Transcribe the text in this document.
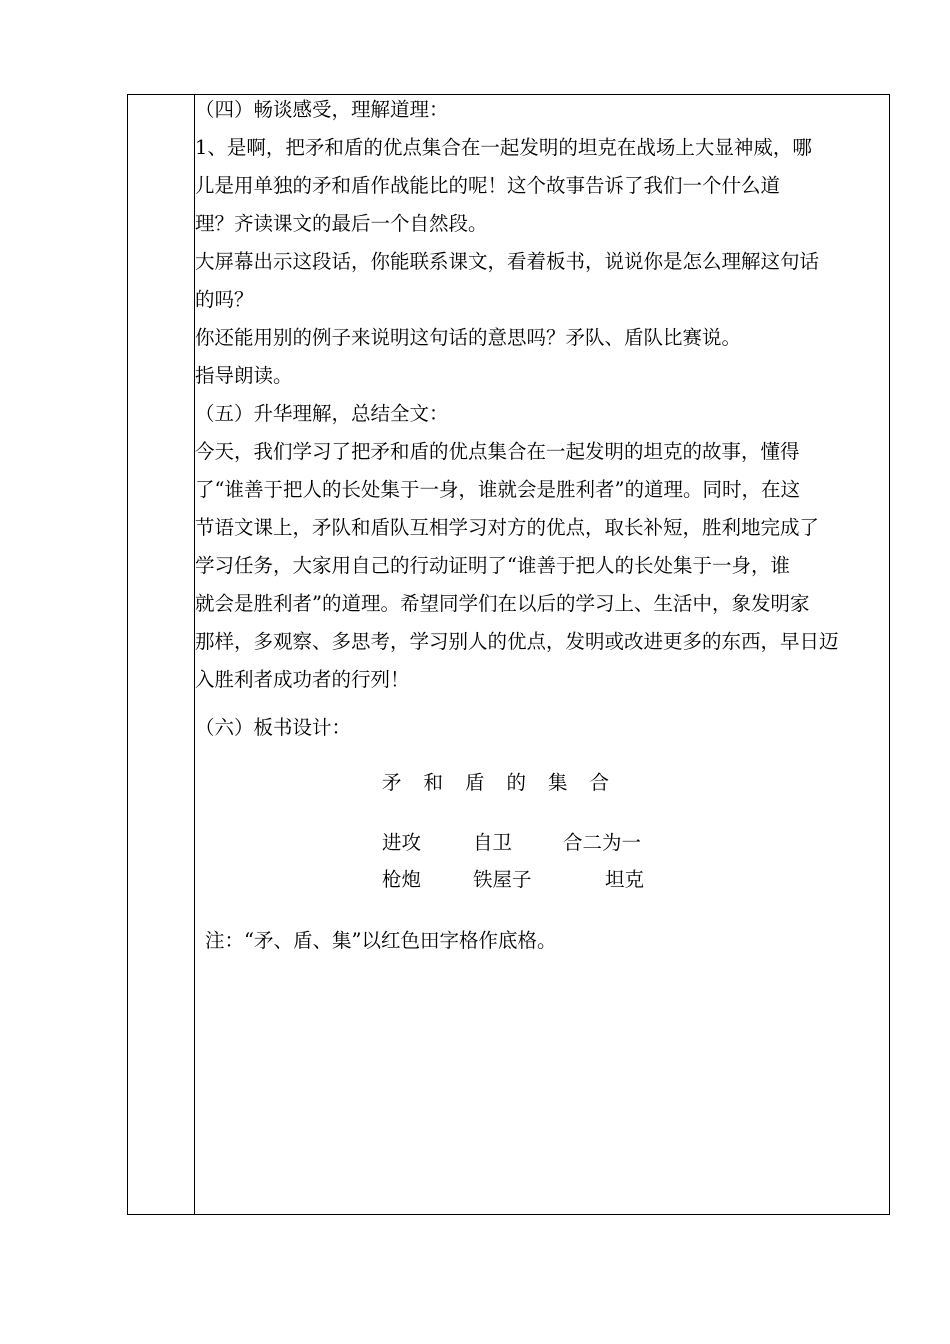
（四）畅谈感受，理解道理：

1、是啊，把矛和盾的优点集合在一起发明的坦克在战场上大显神威，哪

儿是用单独的矛和盾作战能比的呢！这个故事告诉了我们一个什么道

理？齐读课文的最后一个自然段。

大屏幕出示这段话，你能联系课文，看着板书，说说你是怎么理解这句话

的吗？

你还能用别的例子来说明这句话的意思吗？矛队、盾队比赛说。

指导朗读。

（五）升华理解，总结全文：

今天，我们学习了把矛和盾的优点集合在一起发明的坦克的故事，懂得

了“谁善于把人的长处集于一身，谁就会是胜利者”的道理。同时，在这

节语文课上，矛队和盾队互相学习对方的优点，取长补短，胜利地完成了

学习任务，大家用自己的行动证明了“谁善于把人的长处集于一身，谁

就会是胜利者”的道理。希望同学们在以后的学习上、生活中，象发明家

那样，多观察、多思考，学习别人的优点，发明或改进更多的东西，早日迈

入胜利者成功者的行列！

（六）板书设计：
矛和盾的集合
进攻	自卫	合二为一
枪炮	铁屋子	坦克
注：“矛、盾、集”以红色田字格作底格。
